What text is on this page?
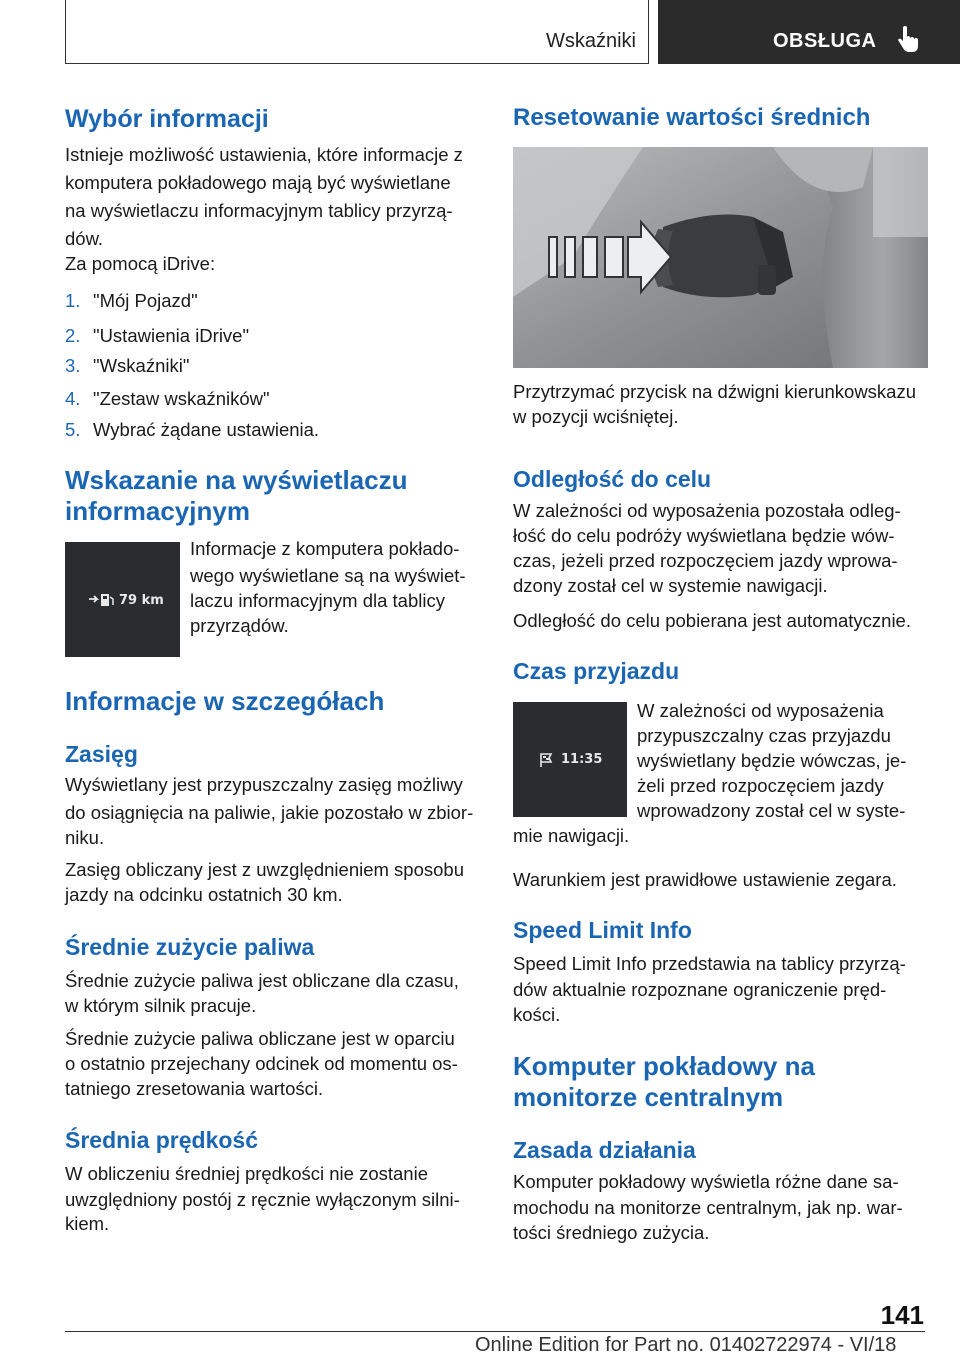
Wskaźniki	OBSŁUGA
Wybór informacji
Istnieje możliwość ustawienia, które informacje z
komputera pokładowego mają być wyświetlane
na wyświetlaczu informacyjnym tablicy przyrzą‐
dów.
Za pomocą iDrive:
1. "Mój Pojazd"
2. "Ustawienia iDrive"
3. "Wskaźniki"
4. "Zestaw wskaźników"
5. Wybrać żądane ustawienia.
Wskazanie na wyświetlaczu
informacyjnym
79 km
Informacje z komputera pokłado‐
wego wyświetlane są na wyświet‐
laczu informacyjnym dla tablicy
przyrządów.
Informacje w szczegółach
Zasięg
Wyświetlany jest przypuszczalny zasięg możliwy
do osiągnięcia na paliwie, jakie pozostało w zbior‐
niku.
Zasięg obliczany jest z uwzględnieniem sposobu
jazdy na odcinku ostatnich 30 km.
Średnie zużycie paliwa
Średnie zużycie paliwa jest obliczane dla czasu,
w którym silnik pracuje.
Średnie zużycie paliwa obliczane jest w oparciu
o ostatnio przejechany odcinek od momentu os‐
tatniego zresetowania wartości.
Średnia prędkość
W obliczeniu średniej prędkości nie zostanie
uwzględniony postój z ręcznie wyłączonym silni‐
kiem.
Resetowanie wartości średnich
Przytrzymać przycisk na dźwigni kierunkowskazu
w pozycji wciśniętej.
Odległość do celu
W zależności od wyposażenia pozostała odleg‐
łość do celu podróży wyświetlana będzie wów‐
czas, jeżeli przed rozpoczęciem jazdy wprowa‐
dzony został cel w systemie nawigacji.
Odległość do celu pobierana jest automatycznie.
Czas przyjazdu
11:35
W zależności od wyposażenia
przypuszczalny czas przyjazdu
wyświetlany będzie wówczas, je‐
żeli przed rozpoczęciem jazdy
wprowadzony został cel w syste‐
mie nawigacji.
Warunkiem jest prawidłowe ustawienie zegara.
Speed Limit Info
Speed Limit Info przedstawia na tablicy przyrzą‐
dów aktualnie rozpoznane ograniczenie pręd‐
kości.
Komputer pokładowy na
monitorze centralnym
Zasada działania
Komputer pokładowy wyświetla różne dane sa‐
mochodu na monitorze centralnym, jak np. war‐
tości średniego zużycia.
141
Online Edition for Part no. 01402722974 - VI/18
